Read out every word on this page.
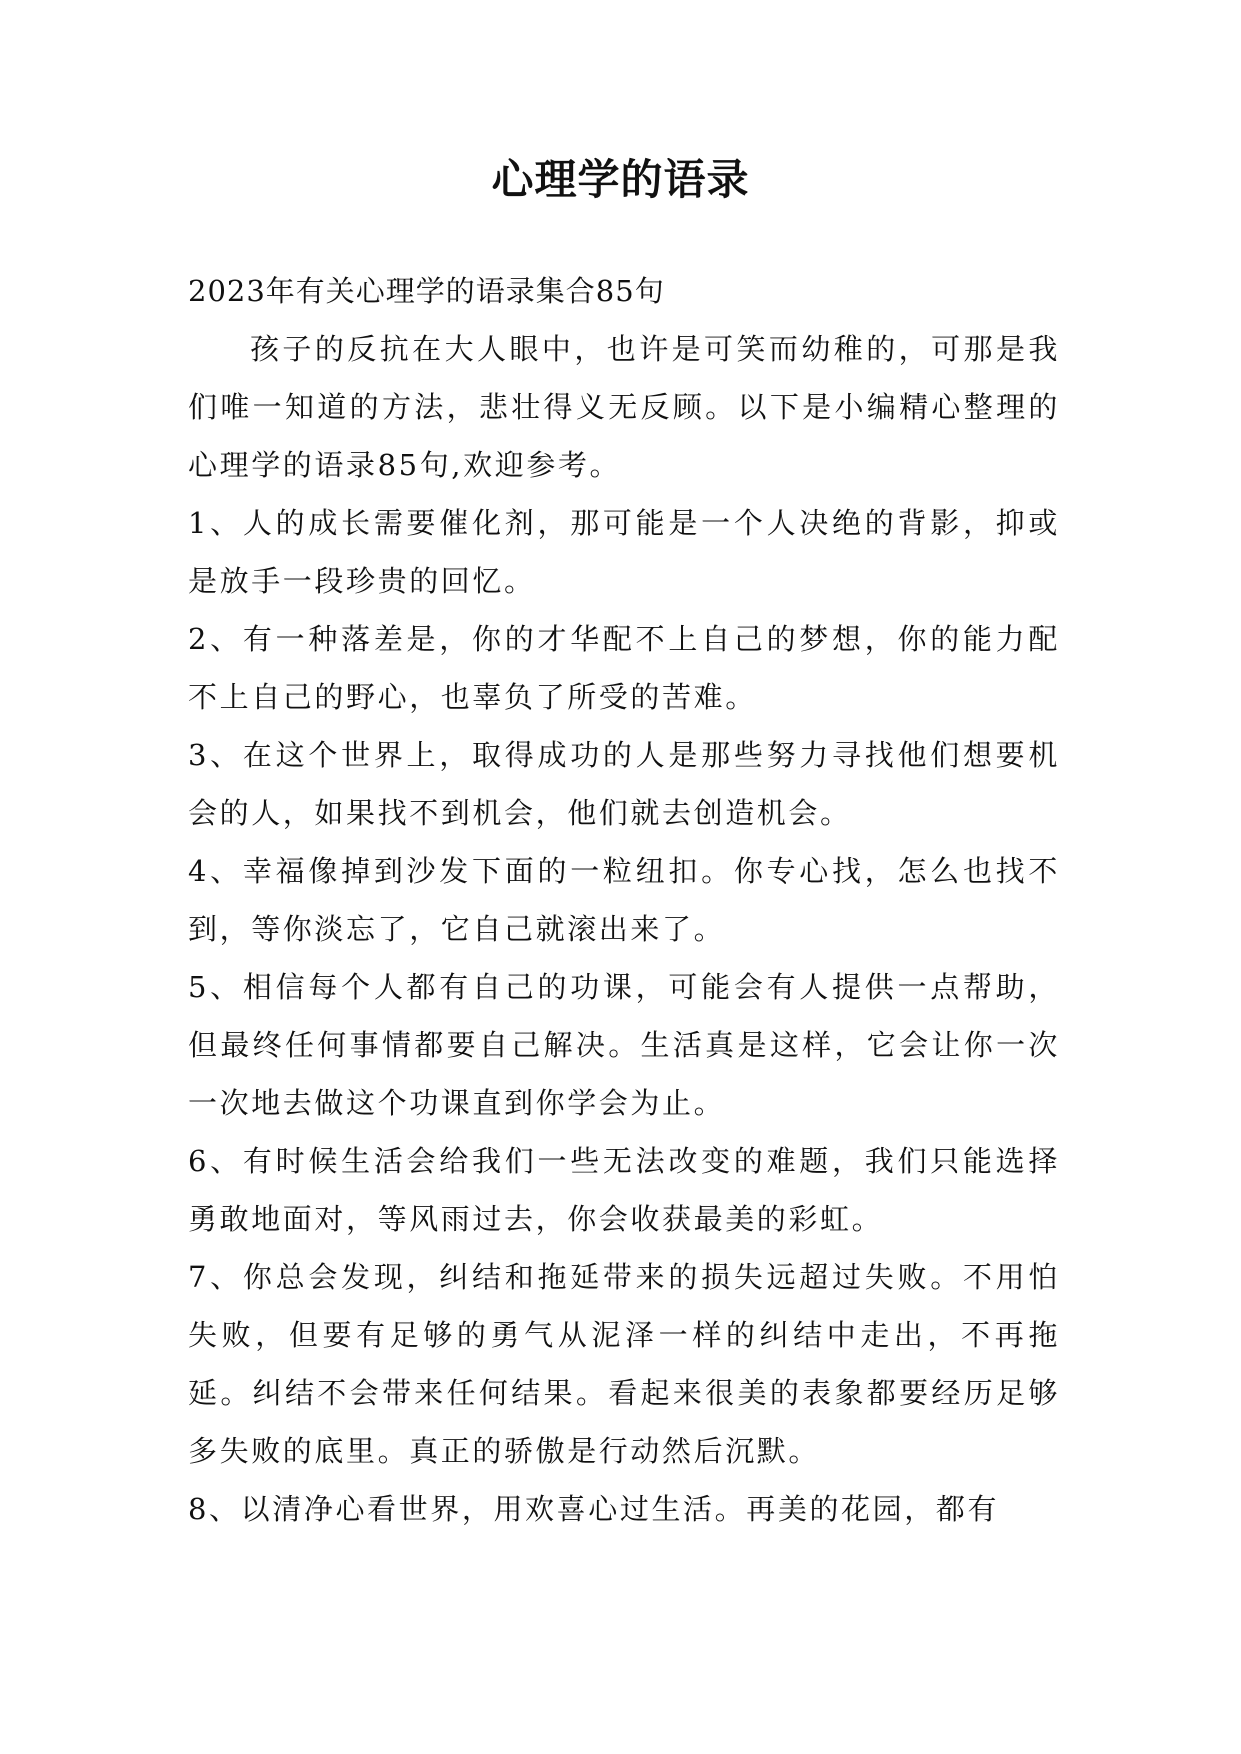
心理学的语录

2023年有关心理学的语录集合85句

孩子的反抗在大人眼中，也许是可笑而幼稚的，可那是我们唯一知道的方法，悲壮得义无反顾。以下是小编精心整理的心理学的语录85句,欢迎参考。

1、人的成长需要催化剂，那可能是一个人决绝的背影，抑或是放手一段珍贵的回忆。

2、有一种落差是，你的才华配不上自己的梦想，你的能力配不上自己的野心，也辜负了所受的苦难。

3、在这个世界上，取得成功的人是那些努力寻找他们想要机会的人，如果找不到机会，他们就去创造机会。

4、幸福像掉到沙发下面的一粒纽扣。你专心找，怎么也找不到，等你淡忘了，它自己就滚出来了。

5、相信每个人都有自己的功课，可能会有人提供一点帮助，但最终任何事情都要自己解决。生活真是这样，它会让你一次一次地去做这个功课直到你学会为止。

6、有时候生活会给我们一些无法改变的难题，我们只能选择勇敢地面对，等风雨过去，你会收获最美的彩虹。

7、你总会发现，纠结和拖延带来的损失远超过失败。不用怕失败，但要有足够的勇气从泥泽一样的纠结中走出，不再拖延。纠结不会带来任何结果。看起来很美的表象都要经历足够多失败的底里。真正的骄傲是行动然后沉默。

8、以清净心看世界，用欢喜心过生活。再美的花园，都有
